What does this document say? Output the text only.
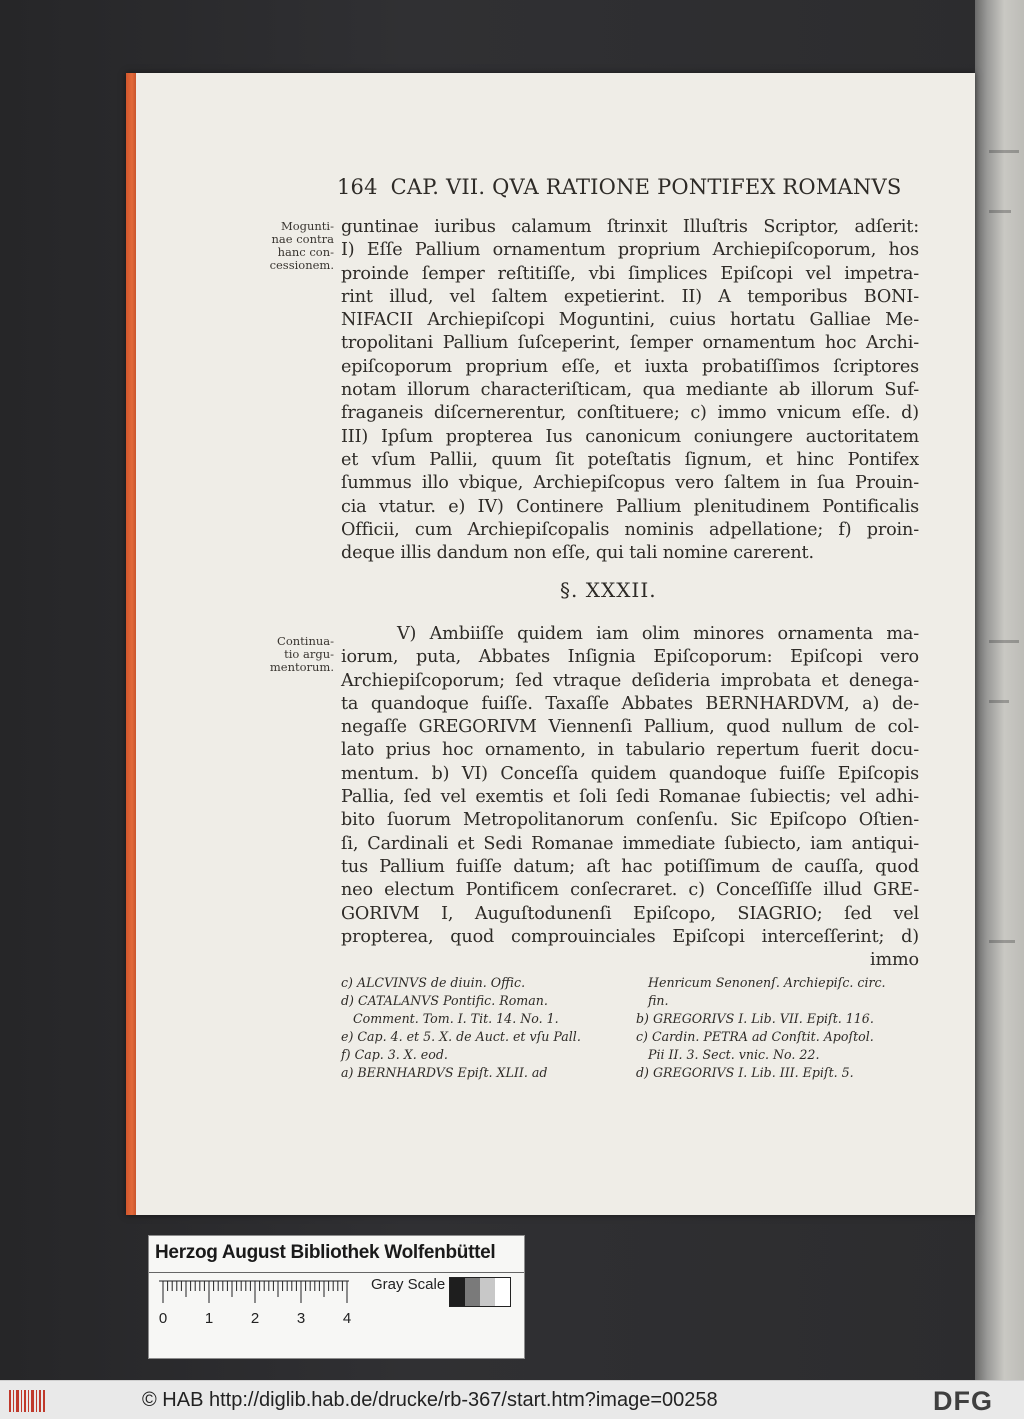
164 CAP. VII. QVA RATIONE PONTIFEX ROMANVS
Mogunti-
nae contra
hanc con-
cessionem.
Continua-
tio argu-
mentorum.
guntinae iuribus calamum ſtrinxit Illuſtris Scriptor, adſerit:
I) Eſſe Pallium ornamentum proprium Archiepiſcoporum, hos
proinde ſemper reſtitiſſe, vbi ſimplices Epiſcopi vel impetra-
rint illud, vel ſaltem expetierint. II) A temporibus BONI-
NIFACII Archiepiſcopi Moguntini, cuius hortatu Galliae Me-
tropolitani Pallium ſuſceperint, ſemper ornamentum hoc Archi-
epiſcoporum proprium eſſe, et iuxta probatiſſimos ſcriptores
notam illorum characteriſticam, qua mediante ab illorum Suf-
fraganeis diſcernerentur, conſtituere; c) immo vnicum eſſe. d)
III) Ipſum propterea Ius canonicum coniungere auctoritatem
et vſum Pallii, quum ſit poteſtatis ſignum, et hinc Pontifex
ſummus illo vbique, Archiepiſcopus vero ſaltem in ſua Prouin-
cia vtatur. e) IV) Continere Pallium plenitudinem Pontificalis
Officii, cum Archiepiſcopalis nominis adpellatione; f) proin-
deque illis dandum non eſſe, qui tali nomine carerent.
§. XXXII.
V) Ambiiſſe quidem iam olim minores ornamenta ma-
iorum, puta, Abbates Inſignia Epiſcoporum: Epiſcopi vero
Archiepiſcoporum; ſed vtraque deſideria improbata et denega-
ta quandoque fuiſſe. Taxaſſe Abbates BERNHARDVM, a) de-
negaſſe GREGORIVM Viennenſi Pallium, quod nullum de col-
lato prius hoc ornamento, in tabulario repertum fuerit docu-
mentum. b) VI) Conceſſa quidem quandoque fuiſſe Epiſcopis
Pallia, ſed vel exemtis et ſoli ſedi Romanae ſubiectis; vel adhi-
bito ſuorum Metropolitanorum conſenſu. Sic Epiſcopo Oſtien-
ſi, Cardinali et Sedi Romanae immediate ſubiecto, iam antiqui-
tus Pallium fuiſſe datum; aſt hac potiſſimum de cauſſa, quod
neo electum Pontificem conſecraret. c) Conceſſiſſe illud GRE-
GORIVM I, Auguſtodunenſi Epiſcopo, SIAGRIO; ſed vel
propterea, quod comprouinciales Epiſcopi interceſſerint; d)
immo
c) ALCVINVS de diuin. Offic.
d) CATALANVS Pontific. Roman.
Comment. Tom. I. Tit. 14. No. 1.
e) Cap. 4. et 5. X. de Auct. et vſu Pall.
f) Cap. 3. X. eod.
a) BERNHARDVS Epiſt. XLII. ad
Henricum Senonenſ. Archiepiſc. circ.
fin.
b) GREGORIVS I. Lib. VII. Epiſt. 116.
c) Cardin. PETRA ad Conſtit. Apoſtol.
Pii II. 3. Sect. vnic. No. 22.
d) GREGORIVS I. Lib. III. Epiſt. 5.
Herzog August Bibliothek Wolfenbüttel
0	1	2	3	4
Gray Scale
© HAB http://diglib.hab.de/drucke/rb-367/start.htm?image=00258	DFG
